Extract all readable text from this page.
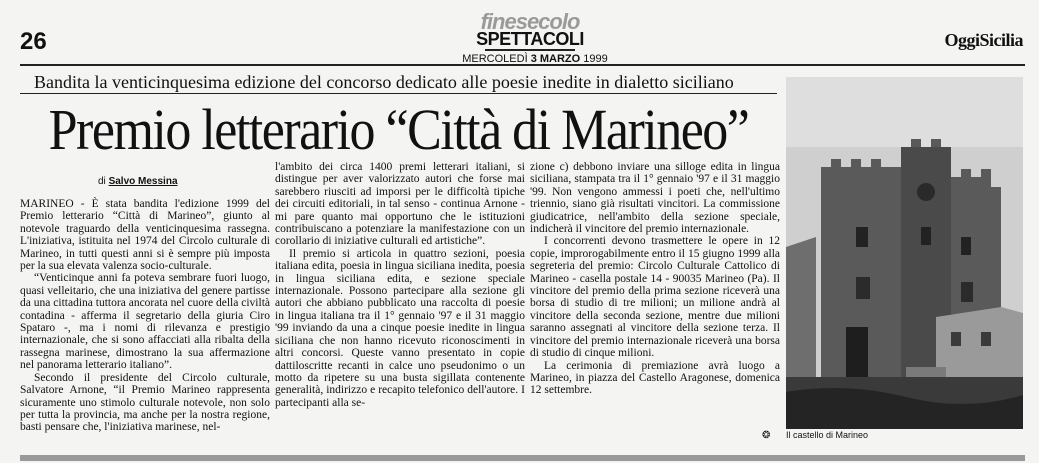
26
finesecolo
SPETTACOLI	OggiSicilia
MERCOLEDÌ 3 MARZO 1999
Bandita la venticinquesima edizione del concorso dedicato alle poesie inedite in dialetto siciliano
Premio letterario “Città di Marineo”
di Salvo Messina

MARINEO - È stata bandita l'edizione 1999 del Premio letterario “Città di Marineo”, giunto al notevole traguardo della venticinquesima rassegna. L'iniziativa, istituita nel 1974 del Circolo culturale di Marineo, in tutti questi anni si è sempre più imposta per la sua elevata valenza socio-culturale.

“Venticinque anni fa poteva sembrare fuori luogo, quasi velleitario, che una iniziativa del genere partisse da una cittadina tuttora ancorata nel cuore della civiltà contadina - afferma il segretario della giuria Ciro Spataro -, ma i nomi di rilevanza e prestigio internazionale, che si sono affacciati alla ribalta della rassegna marinese, dimostrano la sua affermazione nel panorama letterario italiano”.

Secondo il presidente del Circolo culturale, Salvatore Arnone, “il Premio Marineo rappresenta sicuramente uno stimolo culturale notevole, non solo per tutta la provincia, ma anche per la nostra regione, basti pensare che, l'iniziativa marinese, nel-

l'ambito dei circa 1400 premi letterari italiani, si distingue per aver valorizzato autori che forse mai sarebbero riusciti ad imporsi per le difficoltà tipiche dei circuiti editoriali, in tal senso - continua Arnone - mi pare quanto mai opportuno che le istituzioni contribuiscano a potenziare la manifestazione con un corollario di iniziative culturali ed artistiche”.

Il premio si articola in quattro sezioni, poesia italiana edita, poesia in lingua siciliana inedita, poesia in lingua siciliana edita, e sezione speciale internazionale. Possono partecipare alla sezione gli autori che abbiano pubblicato una raccolta di poesie in lingua italiana tra il 1° gennaio '97 e il 31 maggio '99 inviando da una a cinque poesie inedite in lingua siciliana che non hanno ricevuto riconoscimenti in altri concorsi. Queste vanno presentato in copie dattiloscritte recanti in calce uno pseudonimo o un motto da ripetere su una busta sigillata contenente generalità, indirizzo e recapito telefonico dell'autore. I partecipanti alla se-

zione c) debbono inviare una silloge edita in lingua siciliana, stampata tra il 1° gennaio '97 e il 31 maggio '99. Non vengono ammessi i poeti che, nell'ultimo triennio, siano già risultati vincitori. La commissione giudicatrice, nell'ambito della sezione speciale, indicherà il vincitore del premio internazionale.

I concorrenti devono trasmettere le opere in 12 copie, improrogabilmente entro il 15 giugno 1999 alla segreteria del premio: Circolo Culturale Cattolico di Marineo - casella postale 14 - 90035 Marineo (Pa). Il vincitore del premio della prima sezione riceverà una borsa di studio di tre milioni; un milione andrà al vincitore della seconda sezione, mentre due milioni saranno assegnati al vincitore della sezione terza. Il vincitore del premio internazionale riceverà una borsa di studio di cinque milioni.

La cerimonia di premiazione avrà luogo a Marineo, in piazza del Castello Aragonese, domenica 12 settembre.

❂ Il castello di Marineo
